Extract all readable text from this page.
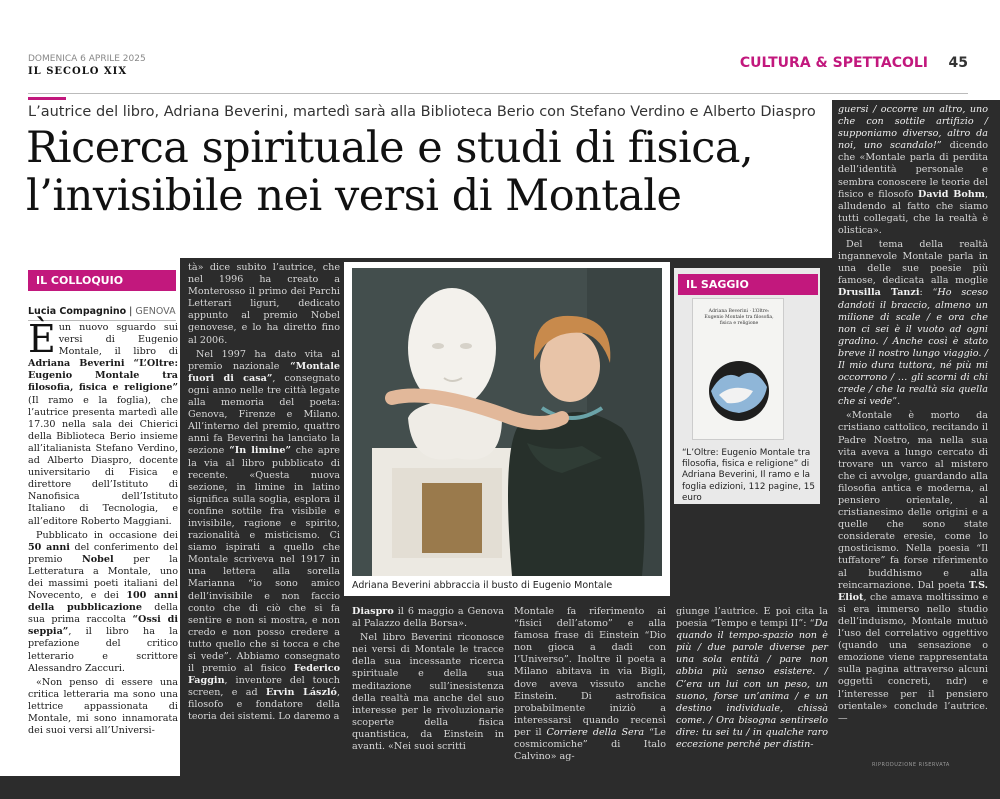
DOMENICA 6 APRILE 2025
IL SECOLO XIX
CULTURA & SPETTACOLI 45
L’autrice del libro, Adriana Beverini, martedì sarà alla Biblioteca Berio con Stefano Verdino e Alberto Diaspro
Ricerca spirituale e studi di fisica,
l’invisibile nei versi di Montale
IL COLLOQUIO
Lucia Compagnino | GENOVA

Èun nuovo sguardo sui versi di Eugenio Montale, il libro di Adriana Beverini “L’Oltre: Eugenio Montale tra filosofia, fisica e religione” (Il ramo e la foglia), che l’autrice presenta martedì alle 17.30 nella sala dei Chierici della Biblioteca Berio insieme all’italianista Stefano Verdino, ad Alberto Diaspro, docente universitario di Fisica e direttore dell’Istituto di Nanofisica dell’Istituto Italiano di Tecnologia, e all’editore Roberto Maggiani.

Pubblicato in occasione dei 50 anni del conferimento del premio Nobel per la Letteratura a Montale, uno dei massimi poeti italiani del Novecento, e dei 100 anni della pubblicazione della sua prima raccolta “Ossi di seppia”, il libro ha la prefazione del critico letterario e scrittore Alessandro Zaccuri.

«Non penso di essere una critica letteraria ma sono una lettrice appassionata di Montale, mi sono innamorata dei suoi versi all’Universi-

tà» dice subito l’autrice, che nel 1996 ha creato a Monterosso il primo dei Parchi Letterari liguri, dedicato appunto al premio Nobel genovese, e lo ha diretto fino al 2006.

Nel 1997 ha dato vita al premio nazionale “Montale fuori di casa”, consegnato ogni anno nelle tre città legate alla memoria del poeta: Genova, Firenze e Milano. All’interno del premio, quattro anni fa Beverini ha lanciato la sezione “In limine” che apre la via al libro pubblicato di recente. «Questa nuova sezione, in limine in latino significa sulla soglia, esplora il confine sottile fra visibile e invisibile, ragione e spirito, razionalità e misticismo. Ci siamo ispirati a quello che Montale scriveva nel 1917 in una lettera alla sorella Marianna “io sono amico dell’invisibile e non faccio conto che di ciò che si fa sentire e non si mostra, e non credo e non posso credere a tutto quello che si tocca e che si vede”. Abbiamo consegnato il premio al fisico Federico Faggin, inventore del touch screen, e ad Ervin László, filosofo e fondatore della teoria dei sistemi. Lo daremo a

Diaspro il 6 maggio a Genova al Palazzo della Borsa».

Nel libro Beverini riconosce nei versi di Montale le tracce della sua incessante ricerca spirituale e della sua meditazione sull’inesistenza della realtà ma anche del suo interesse per le rivoluzionarie scoperte della fisica quantistica, da Einstein in avanti. «Nei suoi scritti

Montale fa riferimento ai “fisici dell’atomo” e alla famosa frase di Einstein “Dio non gioca a dadi con l’Universo”. Inoltre il poeta a Milano abitava in via Bigli, dove aveva vissuto anche Einstein. Di astrofisica probabilmente iniziò a interessarsi quando recensì per il Corriere della Sera “Le cosmicomiche” di Italo Calvino» ag-

giunge l’autrice. E poi cita la poesia “Tempo e tempi II”: “Da quando il tempo-spazio non è più / due parole diverse per una sola entità / pare non abbia più senso esistere. / C’era un lui con un peso, un suono, forse un’anima / e un destino individuale, chissà come. / Ora bisogna sentirselo dire: tu sei tu / in qualche raro eccezione perché per distin-

guersi / occorre un altro, uno che con sottile artifizio / supponiamo diverso, altro da noi, uno scandalo!” dicendo che «Montale parla di perdita dell’identità personale e sembra conoscere le teorie del fisico e filosofo David Bohm, alludendo al fatto che siamo tutti collegati, che la realtà è olistica».

Del tema della realtà ingannevole Montale parla in una delle sue poesie più famose, dedicata alla moglie Drusilla Tanzi: “Ho sceso dandoti il braccio, almeno un milione di scale / e ora che non ci sei è il vuoto ad ogni gradino. / Anche così è stato breve il nostro lungo viaggio. / Il mio dura tuttora, né più mi occorrono / … gli scorni di chi crede / che la realtà sia quella che si vede”.

«Montale è morto da cristiano cattolico, recitando il Padre Nostro, ma nella sua vita aveva a lungo cercato di trovare un varco al mistero che ci avvolge, guardando alla filosofia antica e moderna, al pensiero orientale, al cristianesimo delle origini e a quelle che sono state considerate eresie, come lo gnosticismo. Nella poesia “Il tuffatore” fa forse riferimento al buddhismo e alla reincarnazione. Dal poeta T.S. Eliot, che amava moltissimo e si era immerso nello studio dell’induismo, Montale mutuò l’uso del correlativo oggettivo (quando una sensazione o emozione viene rappresentata sulla pagina attraverso alcuni oggetti concreti, ndr) e l’interesse per il pensiero orientale» conclude l’autrice. —

Adriana Beverini abbraccia il busto di Eugenio Montale
IL SAGGIO
Adriana Beverini · L’Oltre: Eugenio Montale tra filosofia, fisica e religione
“L’Oltre: Eugenio Montale tra filosofia, fisica e religione” di Adriana Beverini, Il ramo e la foglia edizioni, 112 pagine, 15 euro
RIPRODUZIONE RISERVATA
